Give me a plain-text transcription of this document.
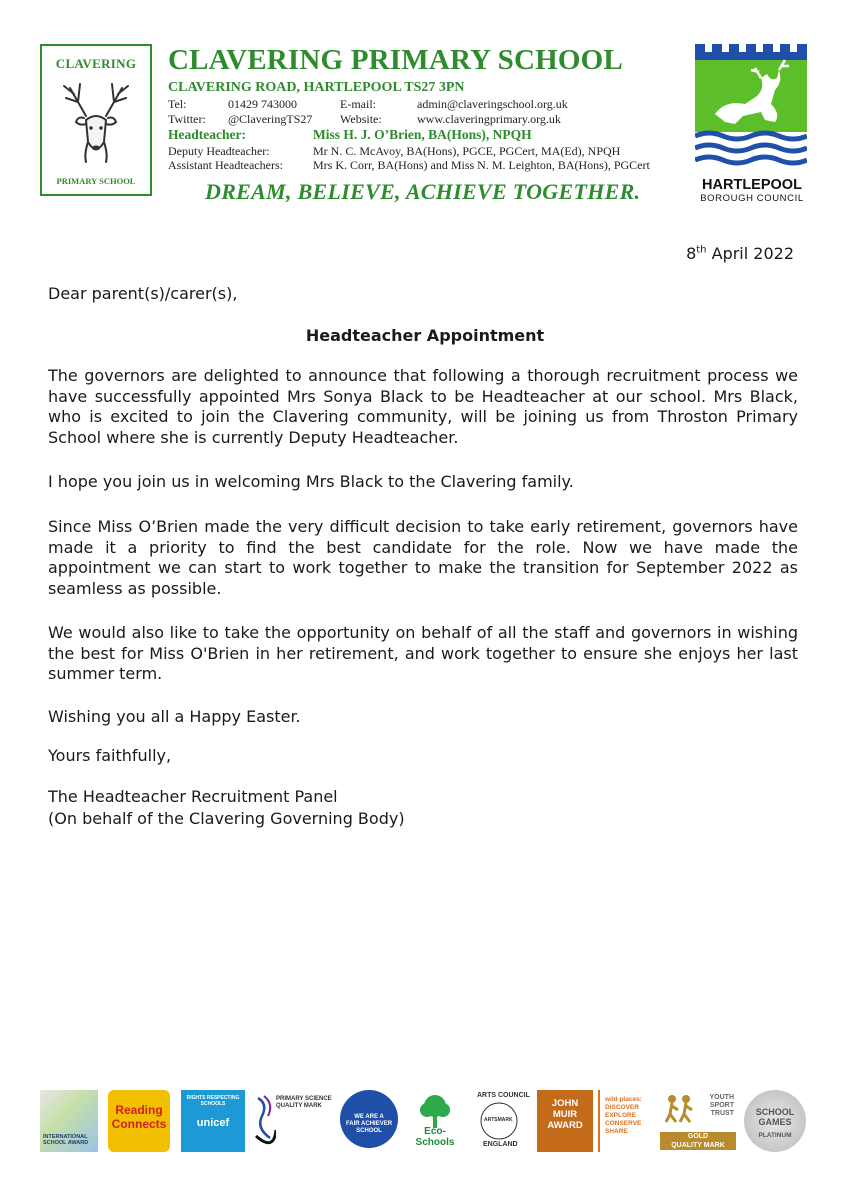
CLAVERING
PRIMARY SCHOOL
CLAVERING PRIMARY SCHOOL
CLAVERING ROAD, HARTLEPOOL TS27 3PN
Tel:	01429 743000	E-mail:	admin@claveringschool.org.uk
Twitter: @ClaveringTS27 Website:	www.claveringprimary.org.uk
Headteacher:	Miss H. J. O’Brien, BA(Hons), NPQH
Deputy Headteacher:	Mr N. C. McAvoy, BA(Hons), PGCE, PGCert, MA(Ed), NPQH
Assistant Headteachers:	Mrs K. Corr, BA(Hons) and Miss N. M. Leighton, BA(Hons), PGCert
DREAM, BELIEVE, ACHIEVE TOGETHER.	HARTLEPOOL
BOROUGH COUNCIL
8th April 2022
Dear parent(s)/carer(s),
Headteacher Appointment
The governors are delighted to announce that following a thorough recruitment process we have successfully appointed Mrs Sonya Black to be Headteacher at our school. Mrs Black, who is excited to join the Clavering community, will be joining us from Throston Primary School where she is currently Deputy Headteacher.
I hope you join us in welcoming Mrs Black to the Clavering family.
Since Miss O’Brien made the very difficult decision to take early retirement, governors have made it a priority to find the best candidate for the role. Now we have made the appointment we can start to work together to make the transition for September 2022 as seamless as possible.
We would also like to take the opportunity on behalf of all the staff and governors in wishing the best for Miss O'Brien in her retirement, and work together to ensure she enjoys her last summer term.
Wishing you all a Happy Easter.
Yours faithfully,
The Headteacher Recruitment Panel
(On behalf of the Clavering Governing Body)
INTERNATIONAL SCHOOL AWARD
Reading
Connects
RIGHTS RESPECTING SCHOOLS
unicef
PRIMARY SCIENCE QUALITY MARK
WE ARE A
FAIR ACHIEVER
SCHOOL	Eco-Schools
ARTS COUNCIL
ARTSMARK
ENGLAND
JOHN
MUIR
AWARD
wild places:
DISCOVER
EXPLORE
CONSERVE
SHARE
YOUTH
SPORT
TRUST
GOLD
QUALITY MARK
SCHOOL
GAMES
PLATINUM
